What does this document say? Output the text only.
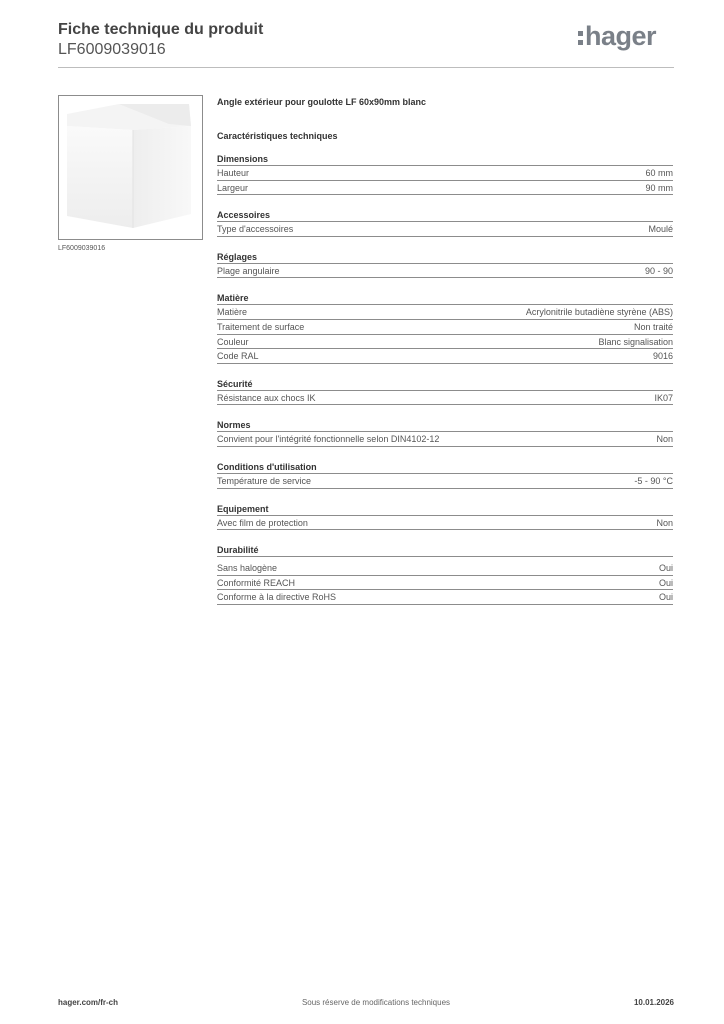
Fiche technique du produit
LF6009039016	hager
LF6009039016
Angle extérieur pour goulotte LF 60x90mm blanc
Caractéristiques techniques
Dimensions
Hauteur	60 mm
Largeur	90 mm
Accessoires
Type d'accessoires	Moulé
Réglages
Plage angulaire	90 - 90
Matière
Matière	Acrylonitrile butadiène styrène (ABS)
Traitement de surface	Non traité
Couleur	Blanc signalisation
Code RAL	9016
Sécurité
Résistance aux chocs IK	IK07
Normes
Convient pour l'intégrité fonctionnelle selon DIN4102-12	Non
Conditions d'utilisation
Température de service	-5 - 90 °C
Equipement
Avec film de protection	Non
Durabilité
Sans halogène	Oui
Conformité REACH	Oui
Conforme à la directive RoHS	Oui
hager.com/fr-ch	Sous réserve de modifications techniques	10.01.2026
